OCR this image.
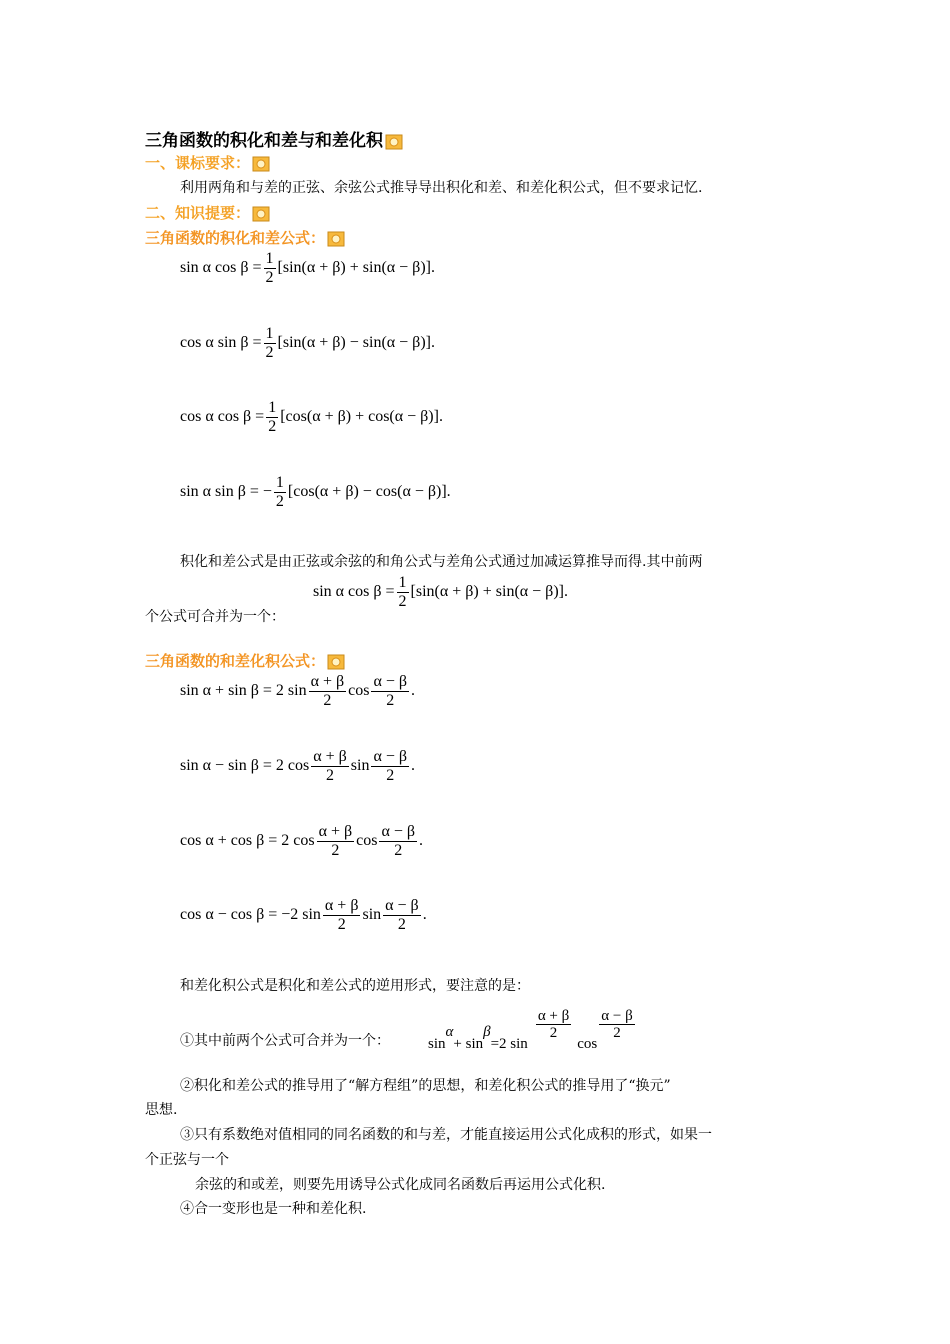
三角函数的积化和差与和差化积
一、课标要求：
利用两角和与差的正弦、余弦公式推导导出积化和差、和差化积公式，但不要求记忆.
二、知识提要：
三角函数的积化和差公式：
sin α $\cos \beta = \frac{1}{2} [\sin(\alpha + \beta) + \sin(\alpha - \beta)]$.
cos α $\sin \beta = \frac{1}{2} [\sin(\alpha + \beta) - \sin(\alpha - \beta)]$.
cos α $\cos \beta = \frac{1}{2} [\cos(\alpha + \beta) + \cos(\alpha - \beta)]$.
sin α sin β = − $\frac{1}{2} [\cos(\alpha + \beta) - \cos(\alpha - \beta)]$.
积化和差公式是由正弦或余弦的和角公式与差角公式通过加减运算推导而得.其中前两
sin α $\cos \beta = \frac{1}{2} [\sin(\alpha + \beta) + \sin(\alpha - \beta)]$.
个公式可合并为一个：
三角函数的和差化积公式：
sin α + sin β = 2 $\sin \frac{\alpha + \beta}{2}$ $\cos \frac{\alpha - \beta}{2}$ .
sin α − sin β = 2 $\cos \frac{\alpha + \beta}{2}$ $\sin \frac{\alpha - \beta}{2}$ .
cos α + cos β = 2 $\cos \frac{\alpha + \beta}{2}$ $\cos \frac{\alpha - \beta}{2}$ .
cos α − cos β = −2 $\sin \frac{\alpha + \beta}{2}$ $\sin \frac{\alpha - \beta}{2}$ .
和差化积公式是积化和差公式的逆用形式，要注意的是：
①其中前两个公式可合并为一个：	sin
α
+ sin
β
=2 sin
$\frac{\alpha + \beta}{2}$
cos
$\frac{\alpha - \beta}{2}$
②积化和差公式的推导用了“解方程组”的思想，和差化积公式的推导用了“换元”
思想.
③只有系数绝对值相同的同名函数的和与差，才能直接运用公式化成积的形式，如果一
个正弦与一个
余弦的和或差，则要先用诱导公式化成同名函数后再运用公式化积.
④合一变形也是一种和差化积.
